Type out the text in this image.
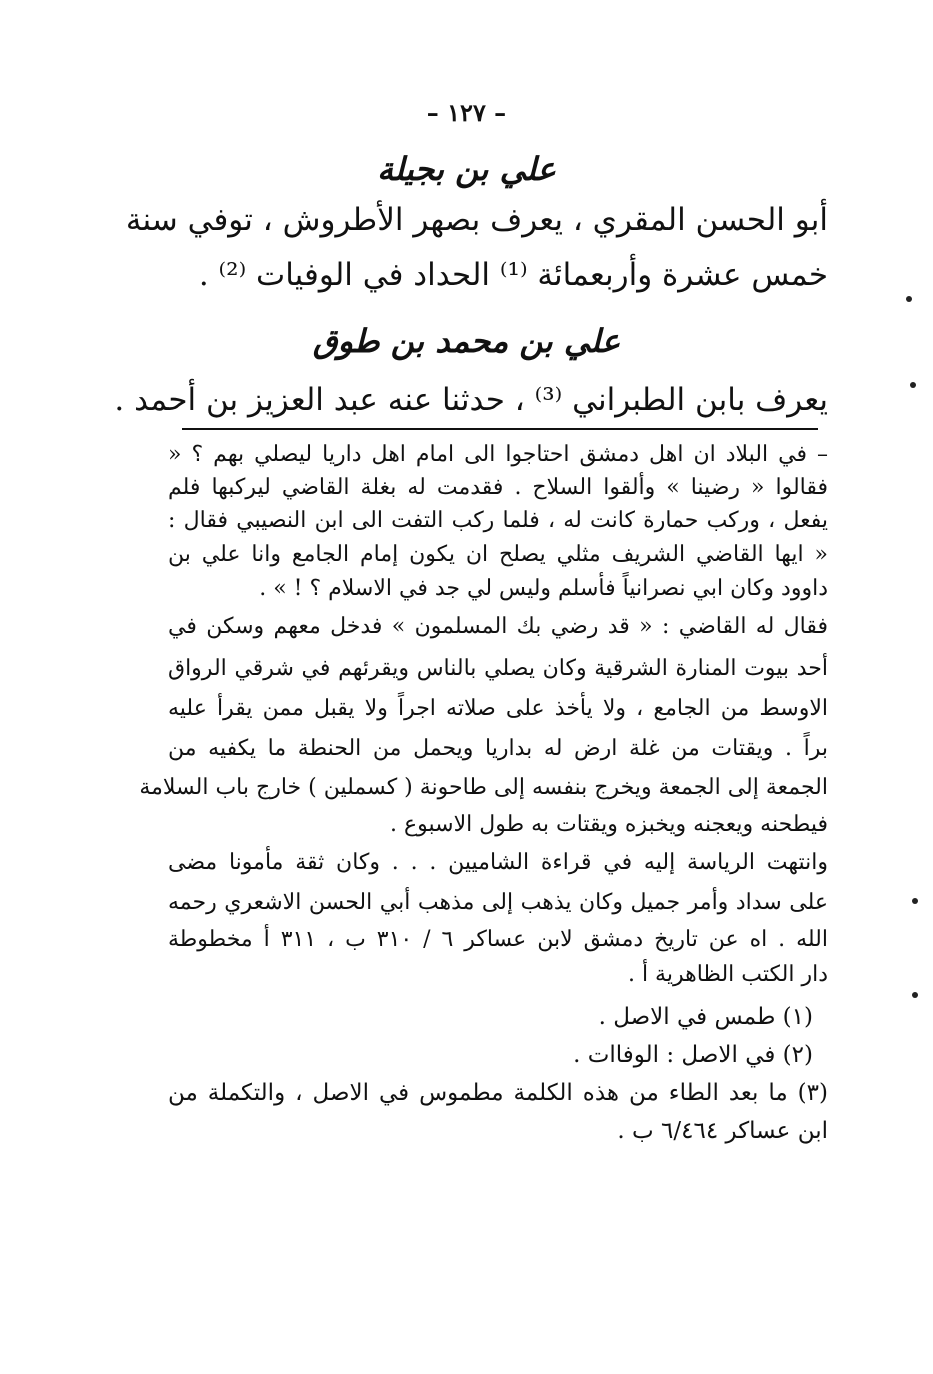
– ١٢٧ –
علي بن بجيلة
أبو الحسن المقري ، يعرف بصهر الأطروش ، توفي سنة
خمس عشرة وأربعمائة ⁽¹⁾ الحداد في الوفيات ⁽²⁾ .
علي بن محمد بن طوق
يعرف بابن الطبراني ⁽³⁾ ، حدثنا عنه عبد العزيز بن أحمد .
– في البلاد ان اهل دمشق احتاجوا الى امام اهل داريا ليصلي بهم ؟ «
فقالوا « رضينا » وألقوا السلاح . فقدمت له بغلة القاضي ليركبها فلم
يفعل ، وركب حمارة كانت له ، فلما ركب التفت الى ابن النصيبي فقال :
« ايها القاضي الشريف مثلي يصلح ان يكون إمام الجامع وانا علي بن
داوود وكان ابي نصرانياً فأسلم وليس لي جد في الاسلام ؟ ! » .
فقال له القاضي : « قد رضي بك المسلمون » فدخل معهم وسكن في
أحد بيوت المنارة الشرقية وكان يصلي بالناس ويقرئهم في شرقي الرواق
الاوسط من الجامع ، ولا يأخذ على صلاته اجراً ولا يقبل ممن يقرأ عليه
براً . ويقتات من غلة ارض له بداريا ويحمل من الحنطة ما يكفيه من
الجمعة إلى الجمعة ويخرج بنفسه إلى طاحونة ( كسملين ) خارج باب السلامة
فيطحنه ويعجنه ويخبزه ويقتات به طول الاسبوع .
وانتهت الرياسة إليه في قراءة الشاميين . . . وكان ثقة مأمونا مضى
على سداد وأمر جميل وكان يذهب إلى مذهب أبي الحسن الاشعري رحمه
الله . اه عن تاريخ دمشق لابن عساكر ٦ / ٣١٠ ب ، ٣١١ أ مخطوطة
دار الكتب الظاهرية أ .
(١) طمس في الاصل .
(٢) في الاصل : الوفاات .
(٣) ما بعد الطاء من هذه الكلمة مطموس في الاصل ، والتكملة من
ابن عساكر ٦/٤٦٤ ب .
